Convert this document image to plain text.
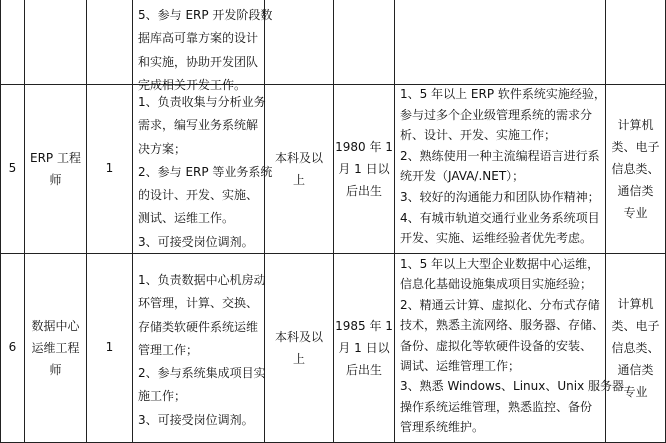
5、参与 ERP 开发阶段数

据库高可靠方案的设计

和实施，协助开发团队

完成相关开发工作。

5
ERP 工程
师
1

1、负责收集与分析业务

需求，编写业务系统解

决方案；

2、参与 ERP 等业务系统

的设计、开发、实施、

测试、运维工作。

3、可接受岗位调剂。

本科及以
上
1980 年 1
月 1 日以
后出生

1、5 年以上 ERP 软件系统实施经验，

参与过多个企业级管理系统的需求分

析、设计、开发、实施工作；

2、熟练使用一种主流编程语言进行系

统开发（JAVA/.NET）；

3、较好的沟通能力和团队协作精神；

4、有城市轨道交通行业业务系统项目

开发、实施、运维经验者优先考虑。

计算机
类、电子
信息类、
通信类
专业
6
数据中心
运维工程
师
1

1、负责数据中心机房动

环管理，计算、交换、

存储类软硬件系统运维

管理工作；

2、参与系统集成项目实

施工作；

3、可接受岗位调剂。

本科及以
上
1985 年 1
月 1 日以
后出生

1、5 年以上大型企业数据中心运维，

信息化基础设施集成项目实施经验；

2、精通云计算、虚拟化、分布式存储

技术，熟悉主流网络、服务器、存储、

备份、虚拟化等软硬件设备的安装、

调试、运维管理工作；

3、熟悉 Windows、Linux、Unix 服务器

操作系统运维管理，熟悉监控、备份

管理系统维护。

计算机
类、电子
信息类、
通信类
专业
